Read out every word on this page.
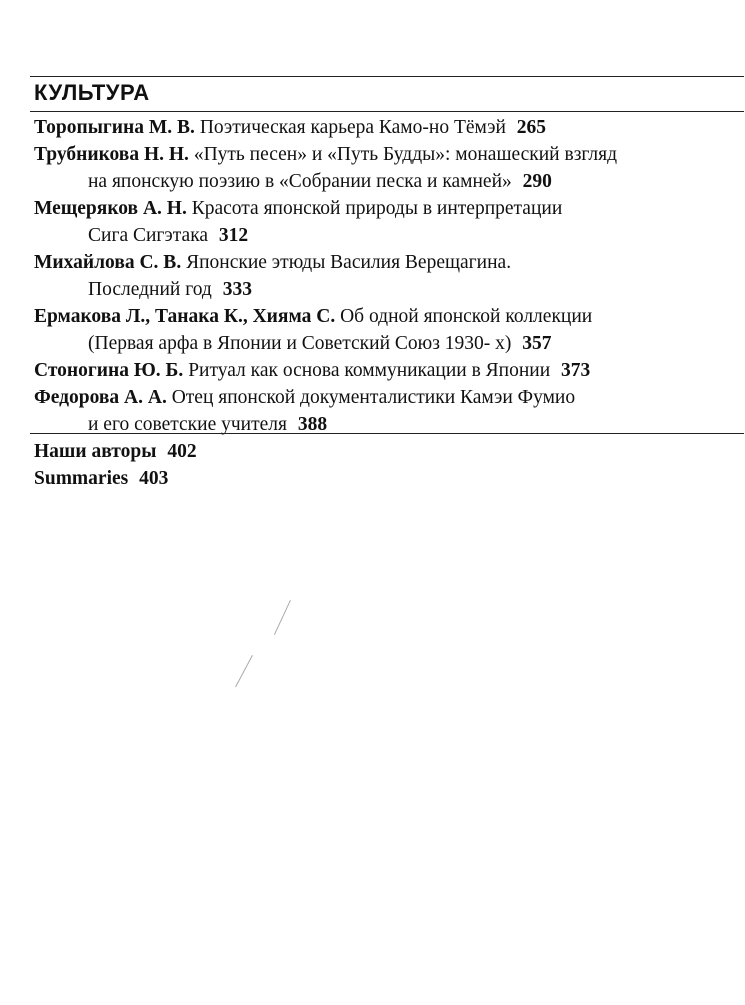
КУЛЬТУРА

Торопыгина М. В. Поэтическая карьера Камо-но Тёмэй 265

Трубникова Н. Н. «Путь песен» и «Путь Будды»: монашеский взгляд
на японскую поэзию в «Собрании песка и камней» 290

Мещеряков А. Н. Красота японской природы в интерпретации
Сига Сигэтака 312

Михайлова С. В. Японские этюды Василия Верещагина.
Последний год 333

Ермакова Л., Танака К., Хияма С. Об одной японской коллекции
(Первая арфа в Японии и Советский Союз 1930- х) 357

Стоногина Ю. Б. Ритуал как основа коммуникации в Японии 373

Федорова А. А. Отец японской документалистики Камэи Фумио
и его советские учителя 388

Наши авторы 402
Summaries 403
